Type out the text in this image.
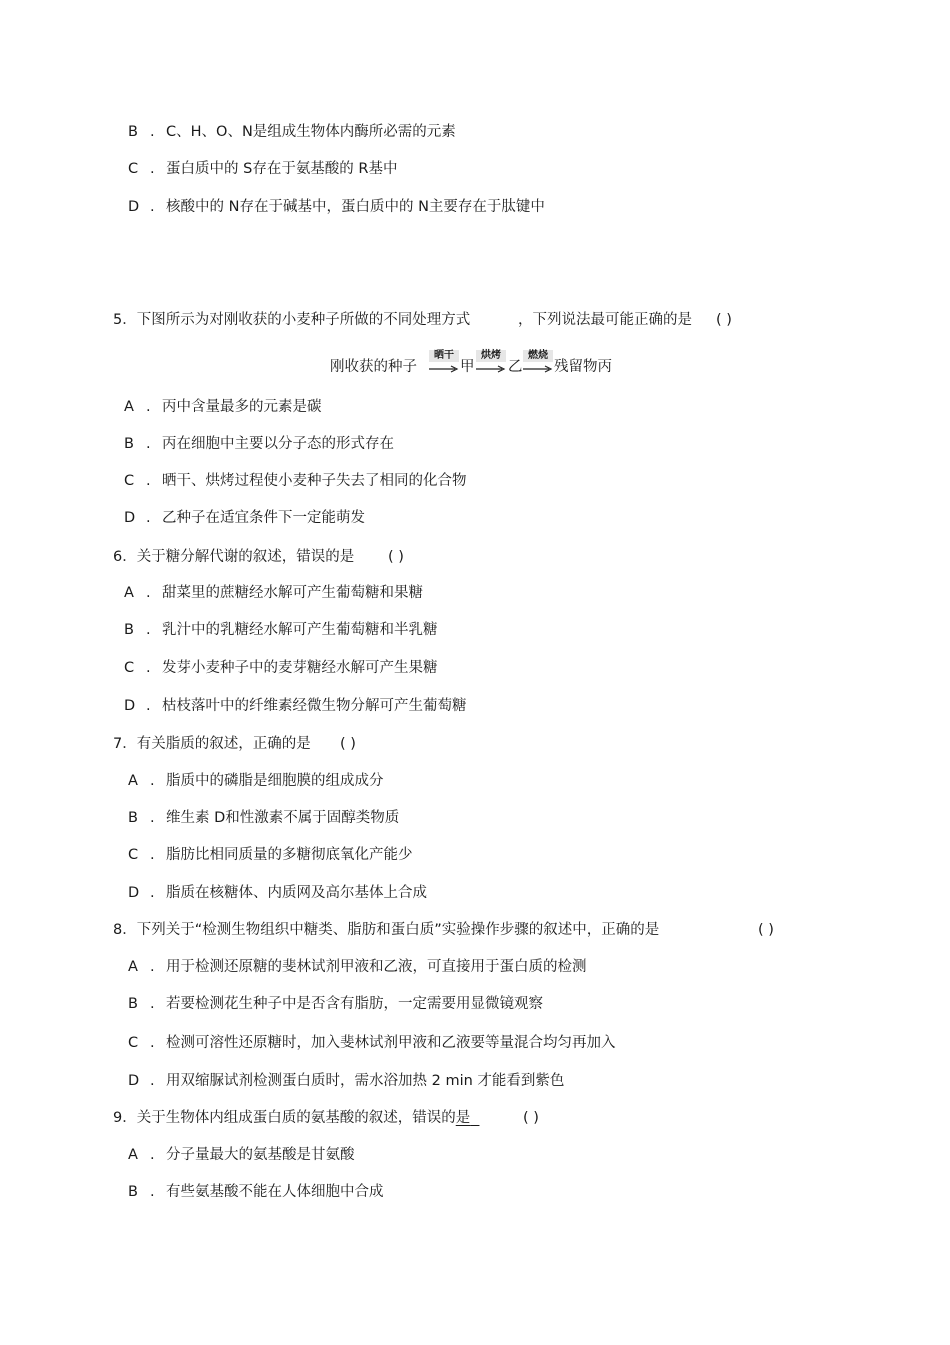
B . C、H、O、N是组成生物体内酶所必需的元素
C . 蛋白质中的 S存在于氨基酸的 R基中
D . 核酸中的 N存在于碱基中，蛋白质中的 N主要存在于肽键中
5．下图所示为对刚收获的小麦种子所做的不同处理方式	，下列说法最可能正确的是 ( )
刚收获的种子
晒干
甲
烘烤
乙
燃烧
残留物丙
A . 丙中含量最多的元素是碳
B . 丙在细胞中主要以分子态的形式存在
C . 晒干、烘烤过程使小麦种子失去了相同的化合物
D . 乙种子在适宜条件下一定能萌发
6．关于糖分解代谢的叙述，错误的是 ( )
A . 甜菜里的蔗糖经水解可产生葡萄糖和果糖
B . 乳汁中的乳糖经水解可产生葡萄糖和半乳糖
C . 发芽小麦种子中的麦芽糖经水解可产生果糖
D . 枯枝落叶中的纤维素经微生物分解可产生葡萄糖
7．有关脂质的叙述，正确的是 ( )
A . 脂质中的磷脂是细胞膜的组成成分
B . 维生素 D和性激素不属于固醇类物质
C . 脂肪比相同质量的多糖彻底氧化产能少
D . 脂质在核糖体、内质网及高尔基体上合成
8．下列关于“检测生物组织中糖类、脂肪和蛋白质”实验操作步骤的叙述中，正确的是	( )
A . 用于检测还原糖的斐林试剂甲液和乙液，可直接用于蛋白质的检测
B . 若要检测花生种子中是否含有脂肪，一定需要用显微镜观察
C . 检测可溶性还原糖时，加入斐林试剂甲液和乙液要等量混合均匀再加入
D . 用双缩脲试剂检测蛋白质时，需水浴加热 2 min 才能看到紫色
9．关于生物体内组成蛋白质的氨基酸的叙述，错误的是	( )
A . 分子量最大的氨基酸是甘氨酸
B . 有些氨基酸不能在人体细胞中合成
